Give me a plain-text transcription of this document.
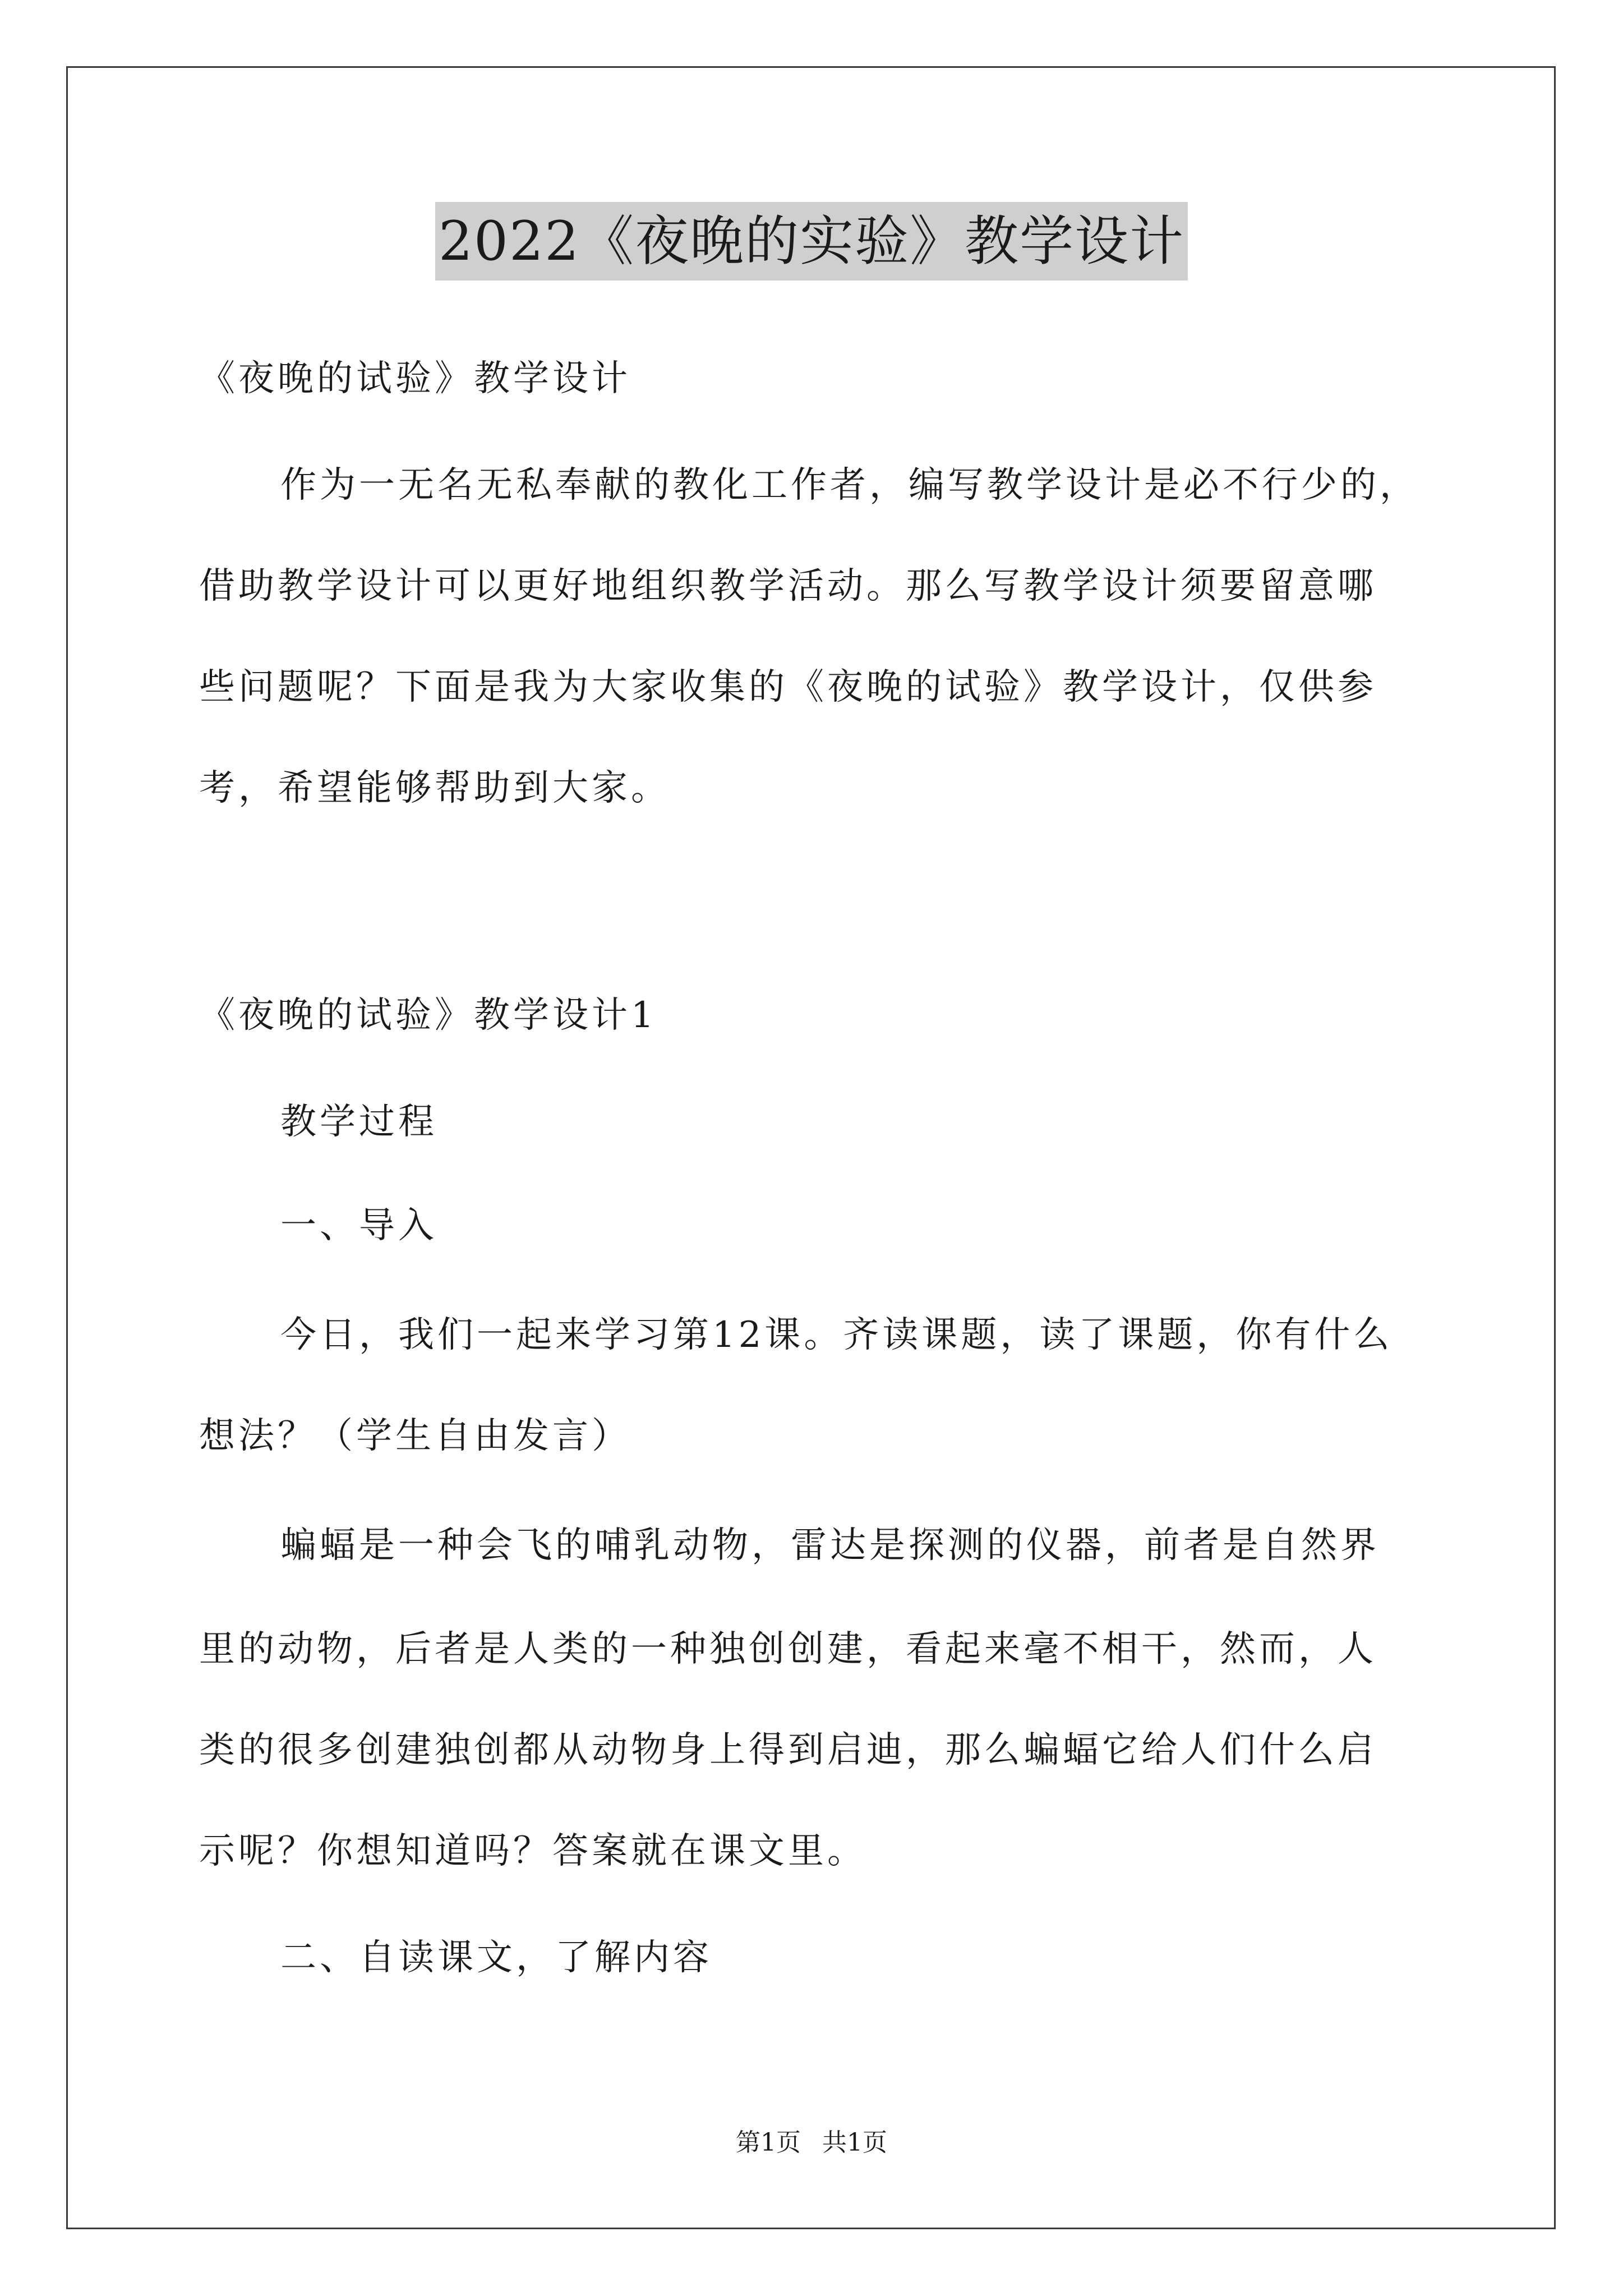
2022《夜晚的实验》教学设计
《夜晚的试验》教学设计
作为一无名无私奉献的教化工作者，编写教学设计是必不行少的，
借助教学设计可以更好地组织教学活动。那么写教学设计须要留意哪
些问题呢？下面是我为大家收集的《夜晚的试验》教学设计，仅供参
考，希望能够帮助到大家。
《夜晚的试验》教学设计1
教学过程
一、导入
今日，我们一起来学习第12课。齐读课题，读了课题，你有什么
想法？（学生自由发言）
蝙蝠是一种会飞的哺乳动物，雷达是探测的仪器，前者是自然界
里的动物，后者是人类的一种独创创建，看起来毫不相干，然而，人
类的很多创建独创都从动物身上得到启迪，那么蝙蝠它给人们什么启
示呢？你想知道吗？答案就在课文里。
二、自读课文，了解内容
第1页 共1页
